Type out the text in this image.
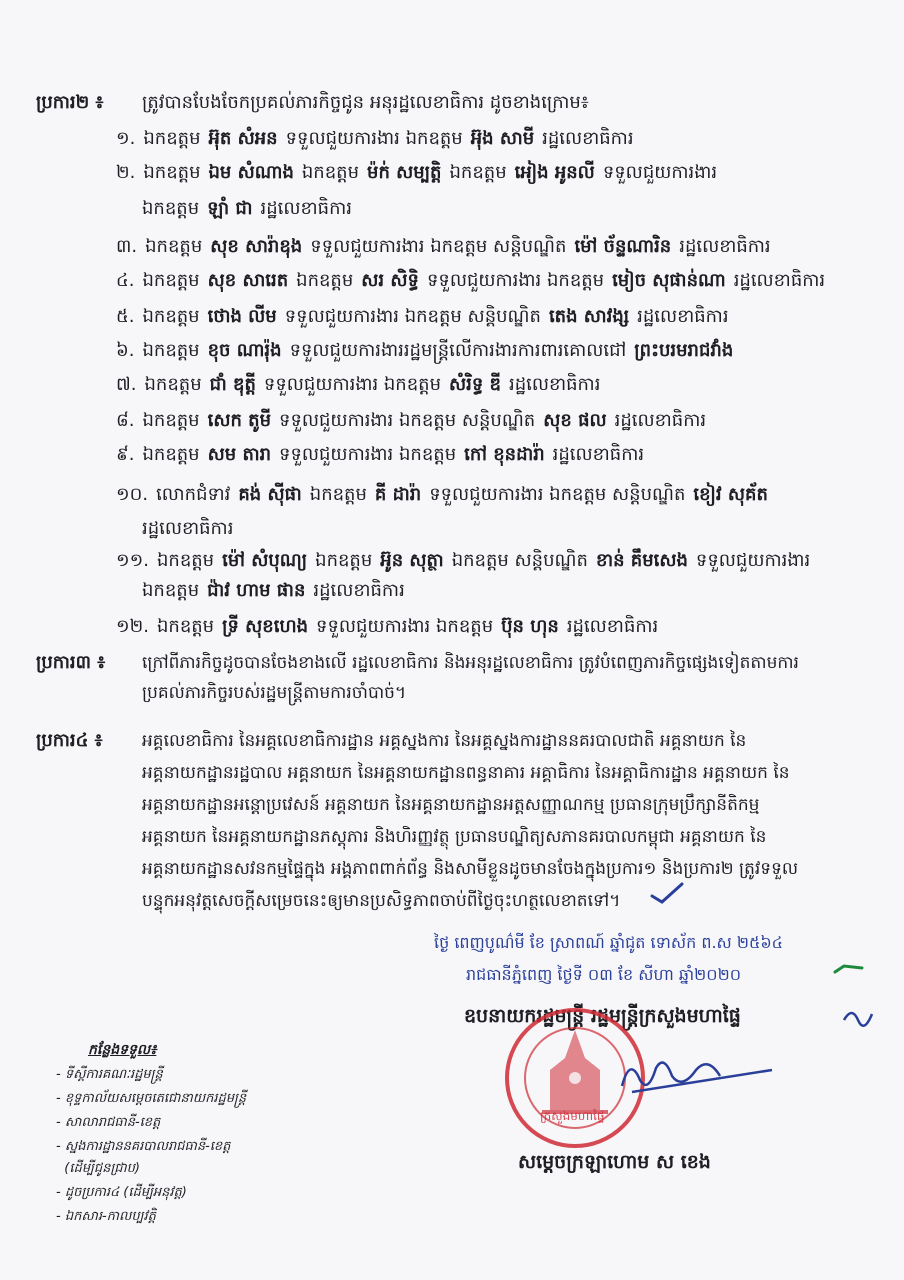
ប្រការ២ ៖ ត្រូវបានបែងចែកប្រគល់ភារកិច្ចជូន អនុរដ្ឋលេខាធិការ ដូចខាងក្រោម៖
១. ឯកឧត្តម អ៊ុត សំអន ទទួលជួយការងារ ឯកឧត្តម អ៊ុង សាមី រដ្ឋលេខាធិការ
២. ឯកឧត្តម ឯម សំណាង ឯកឧត្តម ម៉ក់ សម្បត្តិ ឯកឧត្តម អៀង អូនលី ទទួលជួយការងារ
ឯកឧត្តម ឡាំ ជា រដ្ឋលេខាធិការ
៣. ឯកឧត្តម សុខ សារ៉ាឧុង ទទួលជួយការងារ ឯកឧត្តម សន្តិបណ្ឌិត ម៉ៅ ច័ន្ទណារិន រដ្ឋលេខាធិការ
៤. ឯកឧត្តម សុខ សារេត ឯកឧត្តម សរ សិទ្ធិ ទទួលជួយការងារ ឯកឧត្តម មៀច សុផាន់ណា រដ្ឋលេខាធិការ
៥. ឯកឧត្តម ថោង លីម ទទួលជួយការងារ ឯកឧត្តម សន្តិបណ្ឌិត តេង សាវង្ស រដ្ឋលេខាធិការ
៦. ឯកឧត្តម ខុច ណារ៉ុង ទទួលជួយការងាររដ្ឋមន្ត្រីលើការងារការពារគោលជៅ ព្រះបរមរាជវាំង
៧. ឯកឧត្តម ជាំ ឌុត្តី ទទួលជួយការងារ ឯកឧត្តម សំរិទ្ធ ឌី រដ្ឋលេខាធិការ
៨. ឯកឧត្តម សេក តូមី ទទួលជួយការងារ ឯកឧត្តម សន្តិបណ្ឌិត សុខ ផល រដ្ឋលេខាធិការ
៩. ឯកឧត្តម សម តារា ទទួលជួយការងារ ឯកឧត្តម កៅ ខុនដារ៉ា រដ្ឋលេខាធិការ
១០. លោកជំទាវ គង់ ស៊ីផា ឯកឧត្តម គី ដារ៉ា ទទួលជួយការងារ ឯកឧត្តម សន្តិបណ្ឌិត ខៀវ សុគ័ត
រដ្ឋលេខាធិការ
១១. ឯកឧត្តម ម៉ៅ សំបុណ្យ ឯកឧត្តម អ៊ូន សុត្ថា ឯកឧត្តម សន្តិបណ្ឌិត ខាន់ គឹមសេង ទទួលជួយការងារ
ឯកឧត្តម ជ៉ាវ ហាម ផាន រដ្ឋលេខាធិការ
១២. ឯកឧត្តម ទ្រី សុខហេង ទទួលជួយការងារ ឯកឧត្តម ប៊ុន ហុន រដ្ឋលេខាធិការ
ប្រការ៣ ៖ ក្រៅពីភារកិច្ចដូចបានចែងខាងលើ រដ្ឋលេខាធិការ និងអនុរដ្ឋលេខាធិការ ត្រូវបំពេញភារកិច្ចផ្សេងទៀតតាមការ
ប្រគល់ភារកិច្ចរបស់រដ្ឋមន្ត្រីតាមការចាំបាច់។
ប្រការ៤ ៖ អគ្គលេខាធិការ នៃអគ្គលេខាធិការដ្ឋាន អគ្គស្នងការ នៃអគ្គស្នងការដ្ឋាននគរបាលជាតិ អគ្គនាយក នៃ
អគ្គនាយកដ្ឋានរដ្ឋបាល អគ្គនាយក នៃអគ្គនាយកដ្ឋានពន្ធនាគារ អគ្គាធិការ នៃអគ្គាធិការដ្ឋាន អគ្គនាយក នៃ
អគ្គនាយកដ្ឋានអន្តោប្រវេសន៍ អគ្គនាយក នៃអគ្គនាយកដ្ឋានអត្តសញ្ញាណកម្ម ប្រធានក្រុមប្រឹក្សានីតិកម្ម
អគ្គនាយក នៃអគ្គនាយកដ្ឋានភស្តុភារ និងហិរញ្ញវត្ថុ ប្រធានបណ្ឌិត្យសភានគរបាលកម្ពុជា អគ្គនាយក នៃ
អគ្គនាយកដ្ឋានសវនកម្មផ្ទៃក្នុង អង្គភាពពាក់ព័ន្ធ និងសាមីខ្លួនដូចមានចែងក្នុងប្រការ១ និងប្រការ២ ត្រូវទទួល
បន្ទុកអនុវត្តសេចក្តីសម្រេចនេះឲ្យមានប្រសិទ្ធភាពចាប់ពីថ្ងៃចុះហត្ថលេខាតទៅ។
ថ្ងៃ ពេញបូណ៌មី ខែ ស្រាពណ៍ ឆ្នាំជូត ទោស័ក ព.ស ២៥៦៤
រាជធានីភ្នំពេញ ថ្ងៃទី ០៣ ខែ សីហា ឆ្នាំ២០២០
ឧបនាយករដ្ឋមន្ត្រី រដ្ឋមន្ត្រីក្រសួងមហាផ្ទៃ
ក្រសួងមហាផ្ទៃ
សម្តេចក្រឡាហោម ស ខេង
កន្លែងទទួល៖
- ទីស្តីការគណៈរដ្ឋមន្ត្រី
- ខុទ្ទកាល័យសម្តេចតេជោនាយករដ្ឋមន្ត្រី
- សាលារាជធានី-ខេត្ត
- ស្នងការដ្ឋាននគរបាលរាជធានី-ខេត្ត
(ដើម្បីជូនជ្រាប)
- ដូចប្រការ៤ (ដើម្បីអនុវត្ត)
- ឯកសារ-កាលប្បវត្តិ
